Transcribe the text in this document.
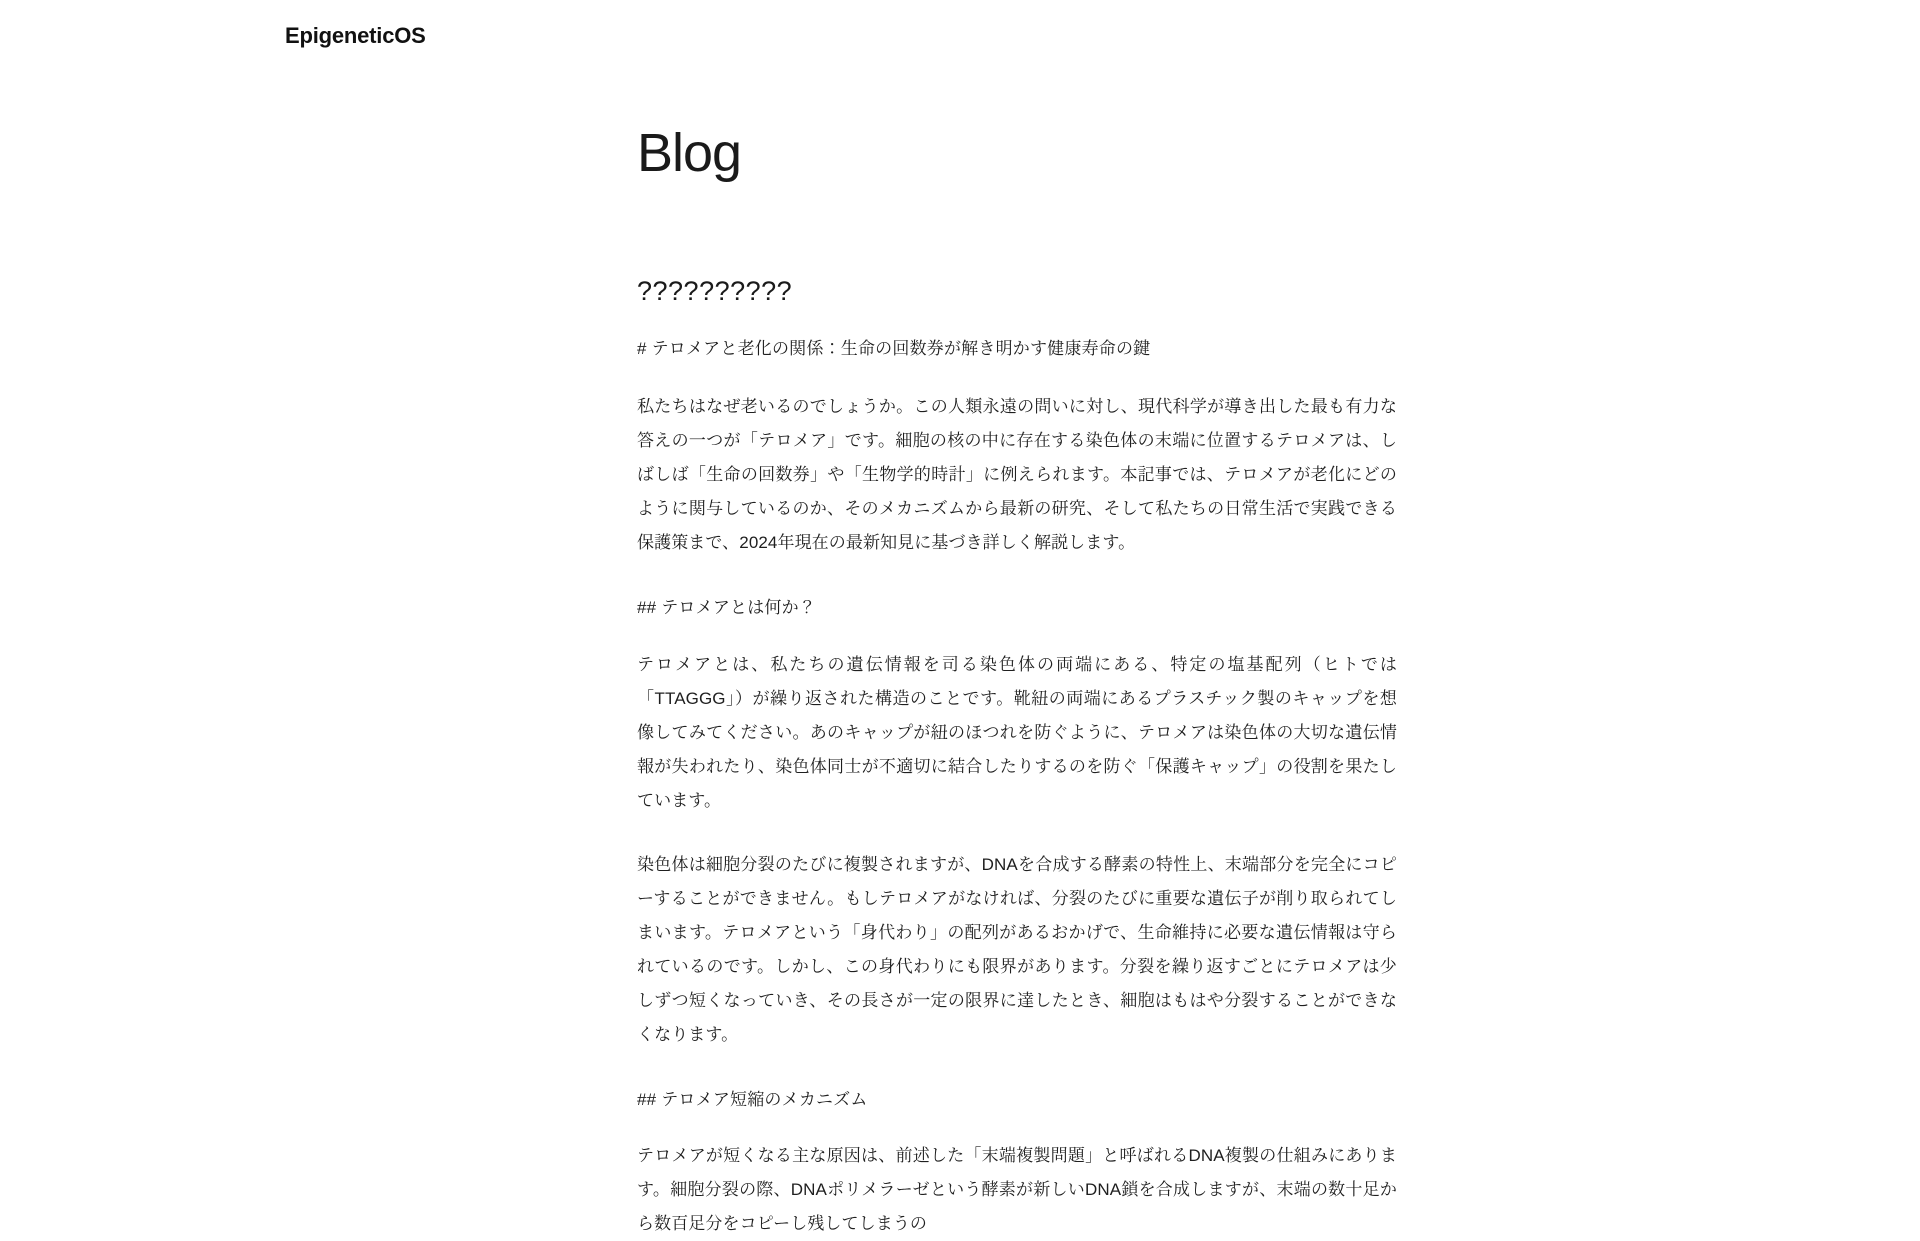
EpigeneticOS
Blog
??????????

# テロメアと老化の関係：生命の回数券が解き明かす健康寿命の鍵

私たちはなぜ老いるのでしょうか。この人類永遠の問いに対し、現代科学が導き出した最も有力な答えの一つが「テロメア」です。細胞の核の中に存在する染色体の末端に位置するテロメアは、しばしば「生命の回数券」や「生物学的時計」に例えられます。本記事では、テロメアが老化にどのように関与しているのか、そのメカニズムから最新の研究、そして私たちの日常生活で実践できる保護策まで、2024年現在の最新知見に基づき詳しく解説します。

## テロメアとは何か？

テロメアとは、私たちの遺伝情報を司る染色体の両端にある、特定の塩基配列（ヒトでは「TTAGGG」）が繰り返された構造のことです。靴紐の両端にあるプラスチック製のキャップを想像してみてください。あのキャップが紐のほつれを防ぐように、テロメアは染色体の大切な遺伝情報が失われたり、染色体同士が不適切に結合したりするのを防ぐ「保護キャップ」の役割を果たしています。

染色体は細胞分裂のたびに複製されますが、DNAを合成する酵素の特性上、末端部分を完全にコピーすることができません。もしテロメアがなければ、分裂のたびに重要な遺伝子が削り取られてしまいます。テロメアという「身代わり」の配列があるおかげで、生命維持に必要な遺伝情報は守られているのです。しかし、この身代わりにも限界があります。分裂を繰り返すごとにテロメアは少しずつ短くなっていき、その長さが一定の限界に達したとき、細胞はもはや分裂することができなくなります。

## テロメア短縮のメカニズム

テロメアが短くなる主な原因は、前述した「末端複製問題」と呼ばれるDNA複製の仕組みにあります。細胞分裂の際、DNAポリメラーゼという酵素が新しいDNA鎖を合成しますが、末端の数十足から数百足分をコピーし残してしまうの
